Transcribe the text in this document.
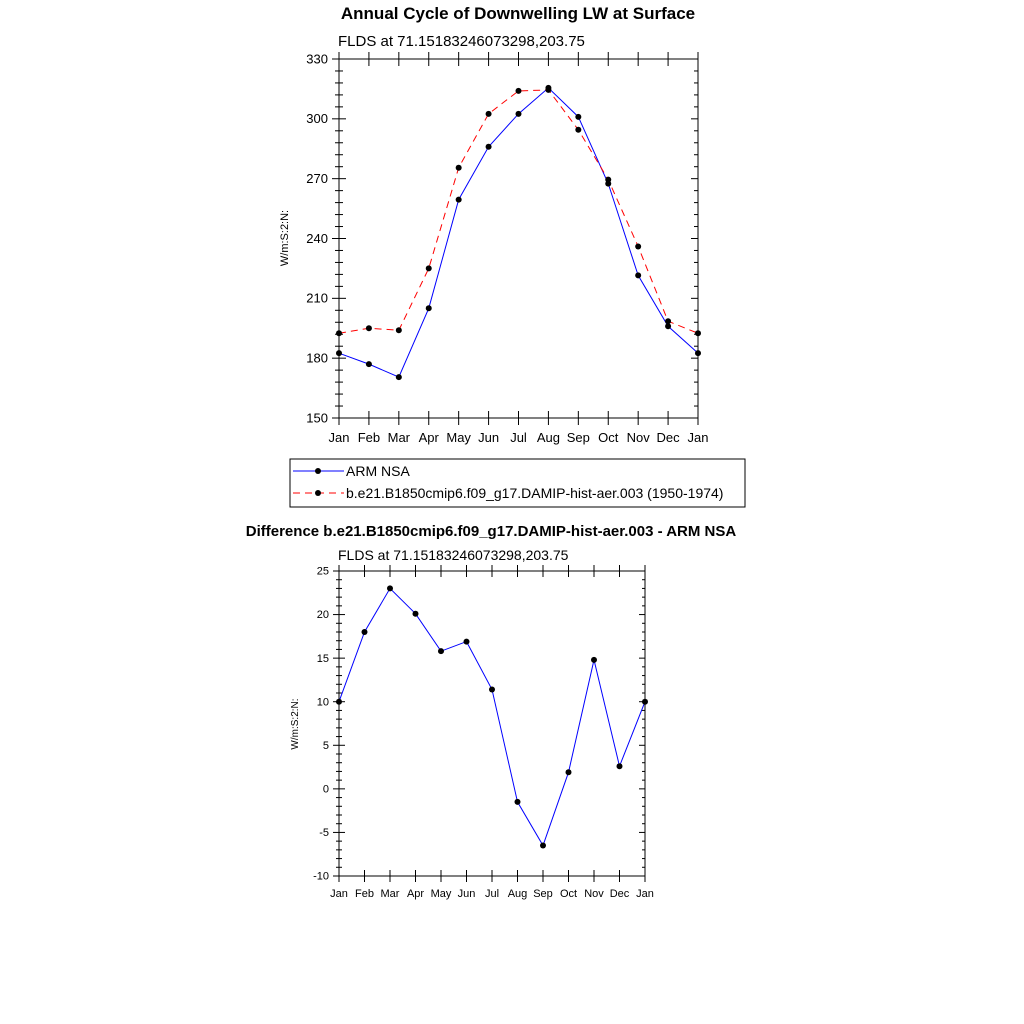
Annual Cycle of Downwelling LW at Surface
FLDS at 71.15183246073298,203.75
W/m:S:2:N:
150
180
210
240
270
300
330
Jan Feb Mar Apr May Jun Jul Aug Sep Oct Nov Dec Jan
ARM NSA
b.e21.B1850cmip6.f09_g17.DAMIP-hist-aer.003 (1950-1974)
Difference b.e21.B1850cmip6.f09_g17.DAMIP-hist-aer.003 - ARM NSA
FLDS at 71.15183246073298,203.75
W/m:S:2:N:
-10
-5
0
5
10
15
20
25
Jan Feb Mar Apr May Jun Jul Aug Sep Oct Nov Dec Jan
